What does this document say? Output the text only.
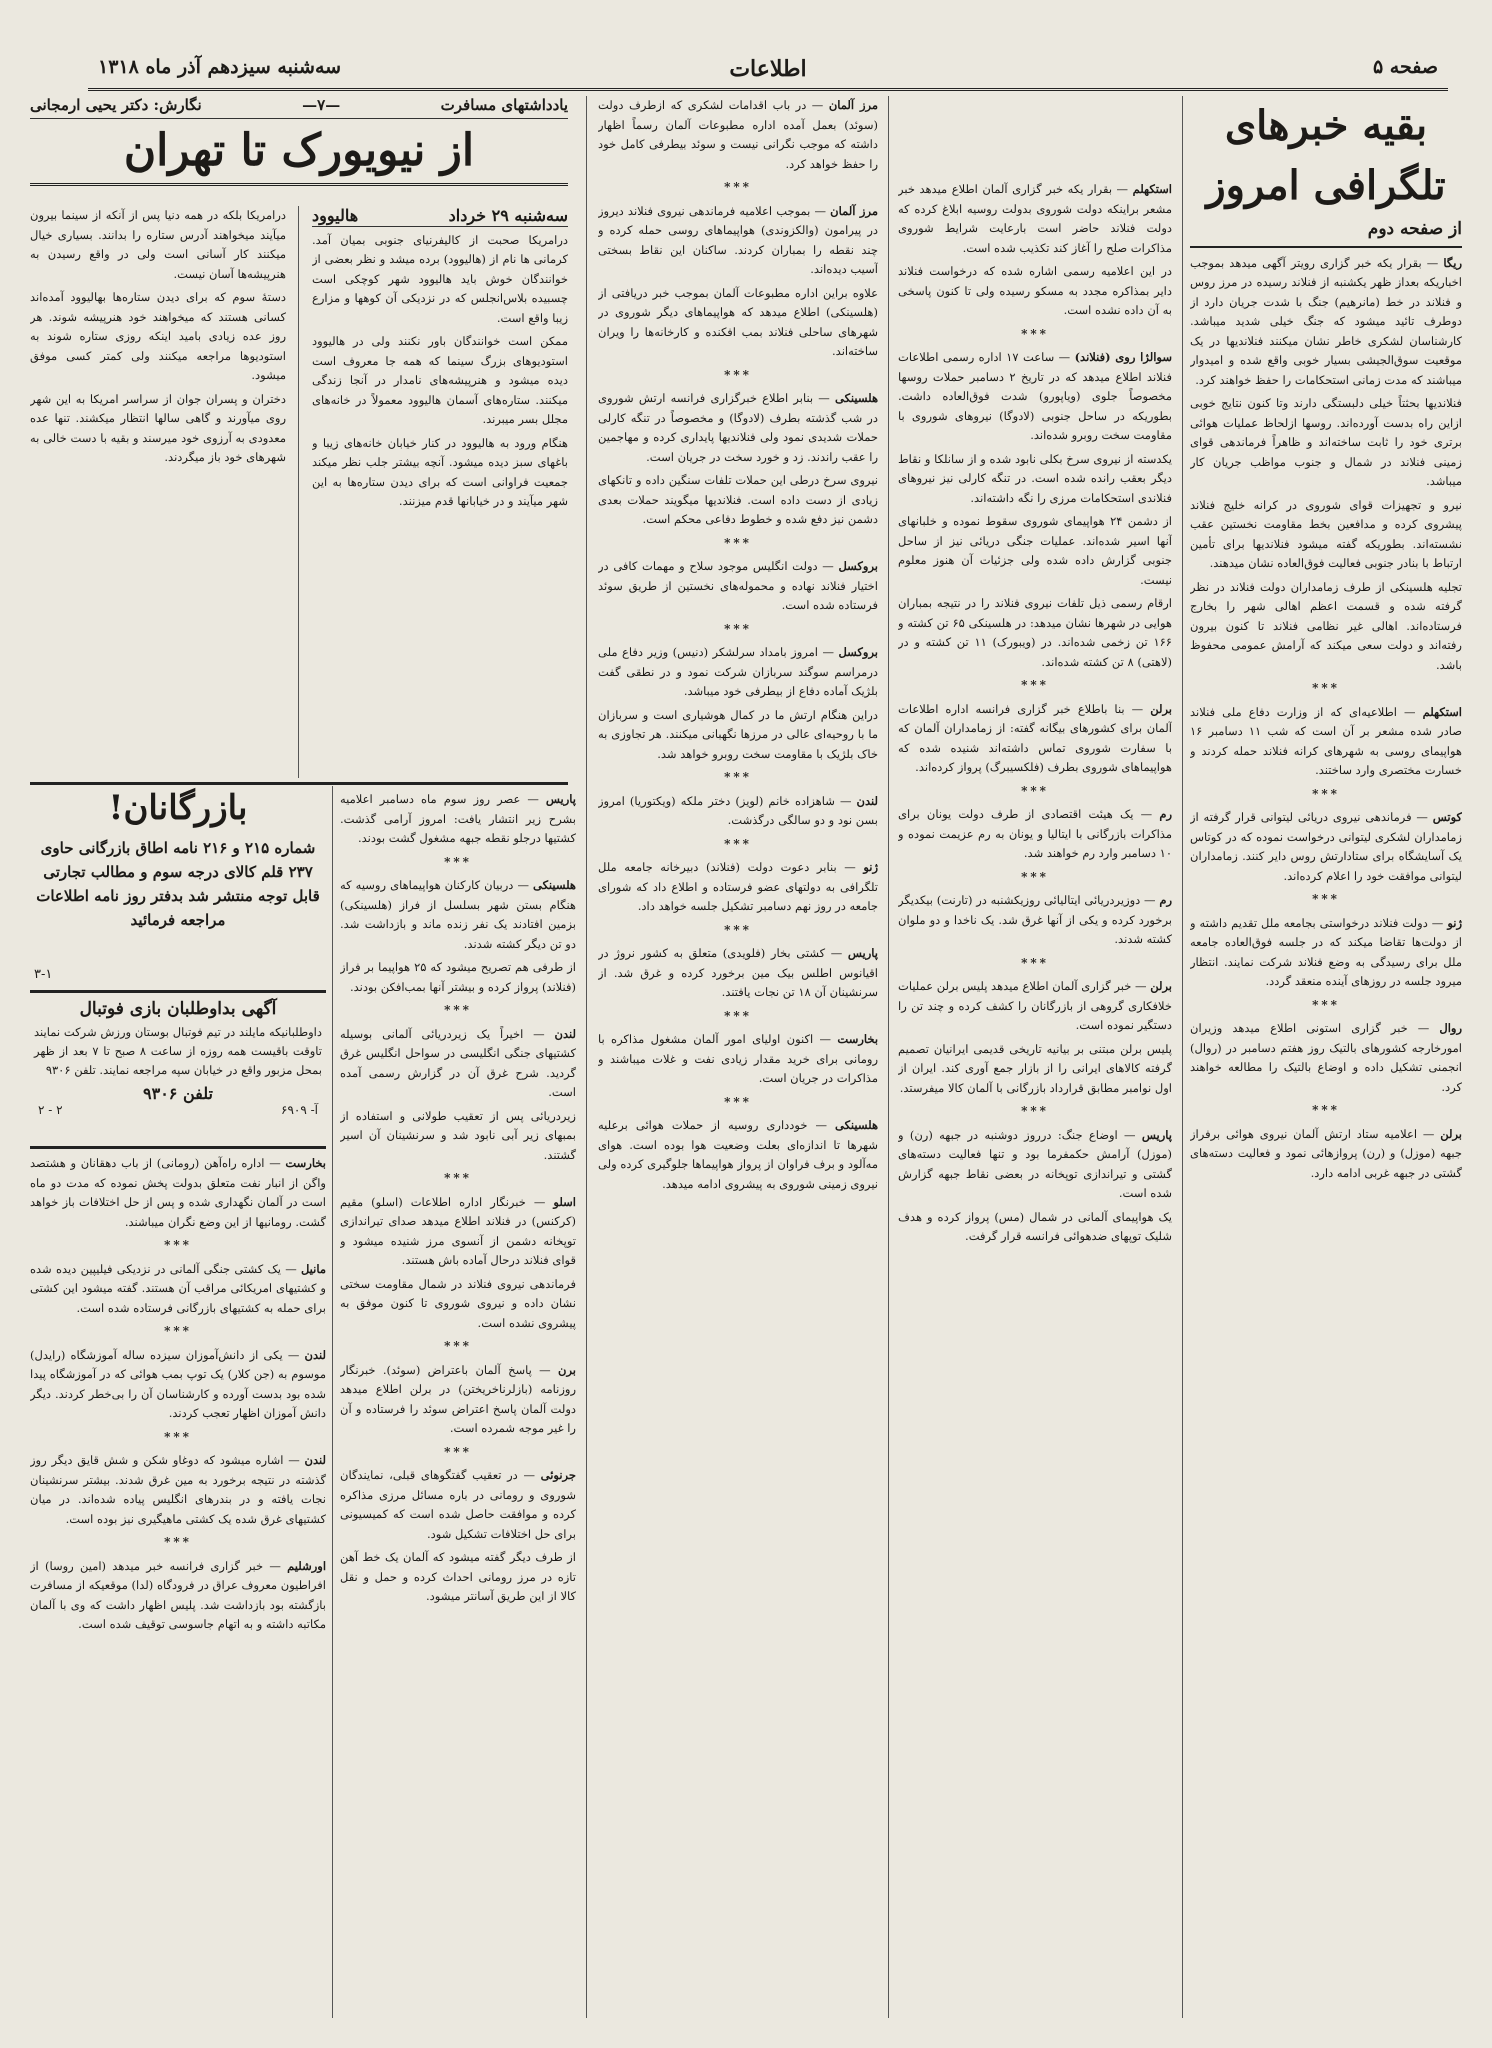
صفحه ۵
اطلاعات
سه‌شنبه سیزدهم آذر ماه ۱۳۱۸
بقیه خبرهای تلگرافی امروز
از صفحه دوم

ریگا — بقرار یکه خبر گزاری رویتر آگهی میدهد بموجب اخباریکه بعداز ظهر یکشنبه از فنلاند رسیده در مرز روس و فنلاند در خط (مانرهیم) جنگ با شدت جریان دارد از دوطرف تائید میشود که جنگ خیلی شدید میباشد. کارشناسان لشکری خاطر نشان میکنند فنلاندیها در یک موقعیت سوق‌الجیشی بسیار خوبی واقع شده و امیدوار میباشند که مدت زمانی استحکامات را حفظ خواهند کرد.

فنلاندیها بحثتاً خیلی دلبستگی دارند وتا کنون نتایج خوبی ازاین راه بدست آورده‌اند. روسها ازلحاظ عملیات هوائی برتری خود را ثابت ساخته‌اند و ظاهراً فرماندهی قوای زمینی فنلاند در شمال و جنوب مواظب جریان کار میباشد.

نیرو و تجهیزات قوای شوروی در کرانه خلیج فنلاند پیشروی کرده و مدافعین بخط مقاومت نخستین عقب نشسته‌اند. بطوریکه گفته میشود فنلاندیها برای تأمین ارتباط با بنادر جنوبی فعالیت فوق‌العاده نشان میدهند.

تجلیه هلسینکی از طرف زمامداران دولت فنلاند در نظر گرفته شده و قسمت اعظم اهالی شهر را بخارج فرستاده‌اند. اهالی غیر نظامی فنلاند تا کنون بیرون رفته‌اند و دولت سعی میکند که آرامش عمومی محفوظ باشد.

***

استکهلم — اطلاعیه‌ای که از وزارت دفاع ملی فنلاند صادر شده مشعر بر آن است که شب ۱۱ دسامبر ۱۶ هواپیمای روسی به شهرهای کرانه فنلاند حمله کردند و خسارت مختصری وارد ساختند.

***

کوتس — فرماندهی نیروی دریائی لیتوانی قرار گرفته از زمامداران لشکری لیتوانی درخواست نموده که در کوتاس یک آسایشگاه برای ستادارتش روس دایر کنند. زمامداران لیتوانی موافقت خود را اعلام کرده‌اند.

***

ژنو — دولت فنلاند درخواستی بجامعه ملل تقدیم داشته و از دولت‌ها تقاضا میکند که در جلسه فوق‌العاده جامعه ملل برای رسیدگی به وضع فنلاند شرکت نمایند. انتظار میرود جلسه در روزهای آینده منعقد گردد.

***

روال — خبر گزاری استونی اطلاع میدهد وزیران امورخارجه کشورهای بالتیک روز هفتم دسامبر در (روال) انجمنی تشکیل داده و اوضاع بالتیک را مطالعه خواهند کرد.

***

برلن — اعلامیه ستاد ارتش آلمان نیروی هوائی برفراز جبهه (موزل) و (رن) پروازهائی نمود و فعالیت دسته‌های گشتی در جبهه غربی ادامه دارد.

استکهلم — بقرار یکه خبر گزاری آلمان اطلاع میدهد خبر مشعر براینکه دولت شوروی بدولت روسیه ابلاغ کرده که دولت فنلاند حاضر است بارعایت شرایط شوروی مذاکرات صلح را آغاز کند تکذیب شده است.

در این اعلامیه رسمی اشاره شده که درخواست فنلاند دایر بمذاکره مجدد به مسکو رسیده ولی تا کنون پاسخی به آن داده نشده است.

***

سوالژا روی (فنلاند) — ساعت ۱۷ اداره رسمی اطلاعات فنلاند اطلاع میدهد که در تاریخ ۲ دسامبر حملات روسها مخصوصاً جلوی (ویاپورو) شدت فوق‌العاده داشت. بطوریکه در ساحل جنوبی (لادوگا) نیروهای شوروی با مقاومت سخت روبرو شده‌اند.

یکدسته از نیروی سرخ بکلی نابود شده و از سانلکا و نقاط دیگر بعقب رانده شده است. در تنگه کارلی نیز نیروهای فنلاندی استحکامات مرزی را نگه داشته‌اند.

از دشمن ۲۴ هواپیمای شوروی سقوط نموده و خلبانهای آنها اسیر شده‌اند. عملیات جنگی دریائی نیز از ساحل جنوبی گزارش داده شده ولی جزئیات آن هنوز معلوم نیست.

ارقام رسمی ذیل تلفات نیروی فنلاند را در نتیجه بمباران هوایی در شهرها نشان میدهد: در هلسینکی ۶۵ تن کشته و ۱۶۶ تن زخمی شده‌اند. در (ویبورک) ۱۱ تن کشته و در (لاهتی) ۸ تن کشته شده‌اند.

***

برلن — بنا باطلاع خبر گزاری فرانسه اداره اطلاعات آلمان برای کشورهای بیگانه گفته: از زمامداران آلمان که با سفارت شوروی تماس داشته‌اند شنیده شده که هواپیماهای شوروی بطرف (فلکسیبرگ) پرواز کرده‌اند.

***

رم — یک هیئت اقتصادی از طرف دولت یونان برای مذاکرات بازرگانی با ایتالیا و یونان به رم عزیمت نموده و ۱۰ دسامبر وارد رم خواهند شد.

***

رم — دوزیردریائی ایتالیائی روزیکشنبه در (تارنت) بیکدیگر برخورد کرده و یکی از آنها غرق شد. یک ناخدا و دو ملوان کشته شدند.

***

برلن — خبر گزاری آلمان اطلاع میدهد پلیس برلن عملیات خلافکاری گروهی از بازرگانان را کشف کرده و چند تن را دستگیر نموده است.

پلیس برلن مبتنی بر بیانیه تاریخی قدیمی ایرانیان تصمیم گرفته کالاهای ایرانی را از بازار جمع آوری کند. ایران از اول نوامبر مطابق قرارداد بازرگانی با آلمان کالا میفرستد.

***

پاریس — اوضاع جنگ: درروز دوشنبه در جبهه (رن) و (موزل) آرامش حکمفرما بود و تنها فعالیت دسته‌های گشتی و تیراندازی توپخانه در بعضی نقاط جبهه گزارش شده است.

یک هواپیمای آلمانی در شمال (مس) پرواز کرده و هدف شلیک توپهای ضدهوائی فرانسه قرار گرفت.

مرز آلمان — در باب اقدامات لشکری که ازطرف دولت (سوئد) بعمل آمده اداره مطبوعات آلمان رسماً اظهار داشته که موجب نگرانی نیست و سوئد بیطرفی کامل خود را حفظ خواهد کرد.

***

مرز آلمان — بموجب اعلامیه فرماندهی نیروی فنلاند دیروز در پیرامون (والکزوندی) هواپیماهای روسی حمله کرده و چند نقطه را بمباران کردند. ساکنان این نقاط بسختی آسیب دیده‌اند.

علاوه براین اداره مطبوعات آلمان بموجب خبر دریافتی از (هلسینکی) اطلاع میدهد که هواپیماهای دیگر شوروی در شهرهای ساحلی فنلاند بمب افکنده و کارخانه‌ها را ویران ساخته‌اند.

***

هلسینکی — بنابر اطلاع خبرگزاری فرانسه ارتش شوروی در شب گذشته بطرف (لادوگا) و مخصوصاً در تنگه کارلی حملات شدیدی نمود ولی فنلاندیها پایداری کرده و مهاجمین را عقب راندند. زد و خورد سخت در جریان است.

نیروی سرخ درطی این حملات تلفات سنگین داده و تانکهای زیادی از دست داده است. فنلاندیها میگویند حملات بعدی دشمن نیز دفع شده و خطوط دفاعی محکم است.

***

بروکسل — دولت انگلیس موجود سلاح و مهمات کافی در اختیار فنلاند نهاده و محموله‌های نخستین از طریق سوئد فرستاده شده است.

***

بروکسل — امروز بامداد سرلشکر (دنیس) وزیر دفاع ملی درمراسم سوگند سربازان شرکت نمود و در نطقی گفت بلژیک آماده دفاع از بیطرفی خود میباشد.

دراین هنگام ارتش ما در کمال هوشیاری است و سربازان ما با روحیه‌ای عالی در مرزها نگهبانی میکنند. هر تجاوزی به خاک بلژیک با مقاومت سخت روبرو خواهد شد.

***

لندن — شاهزاده خانم (لویز) دختر ملکه (ویکتوریا) امروز بسن نود و دو سالگی درگذشت.

***

ژنو — بنابر دعوت دولت (فنلاند) دبیرخانه جامعه ملل تلگرافی به دولتهای عضو فرستاده و اطلاع داد که شورای جامعه در روز نهم دسامبر تشکیل جلسه خواهد داد.

***

پاریس — کشتی بخار (فلویدی) متعلق به کشور نروژ در اقیانوس اطلس بیک مین برخورد کرده و غرق شد. از سرنشینان آن ۱۸ تن نجات یافتند.

***

بخارست — اکنون اولیای امور آلمان مشغول مذاکره با رومانی برای خرید مقدار زیادی نفت و غلات میباشند و مذاکرات در جریان است.

***

هلسینکی — خودداری روسیه از حملات هوائی برعلیه شهرها تا اندازه‌ای بعلت وضعیت هوا بوده است. هوای مه‌آلود و برف فراوان از پرواز هواپیماها جلوگیری کرده ولی نیروی زمینی شوروی به پیشروی ادامه میدهد.

یادداشتهای مسافرت
—۷—
نگارش: دکتر یحیی ارمجانی
از نیویورک تا تهران
سه‌شنبه ۲۹ خرداد
هالیوود

درامریکا صحبت از کالیفرنیای جنوبی بمیان آمد. کرمانی ها نام از (هالیوود) برده میشد و نظر بعضی از خوانندگان خوش باید هالیوود شهر کوچکی است چسبیده بلاس‌انجلس که در نزدیکی آن کوهها و مزارع زیبا واقع است.

ممکن است خوانندگان باور نکنند ولی در هالیوود استودیوهای بزرگ سینما که همه جا معروف است دیده میشود و هنرپیشه‌های نامدار در آنجا زندگی میکنند. ستاره‌های آسمان هالیوود معمولاً در خانه‌های مجلل بسر میبرند.

هنگام ورود به هالیوود در کنار خیابان خانه‌های زیبا و باغهای سبز دیده میشود. آنچه بیشتر جلب نظر میکند جمعیت فراوانی است که برای دیدن ستاره‌ها به این شهر میآیند و در خیابانها قدم میزنند.

درامریکا بلکه در همه دنیا پس از آنکه از سینما بیرون میآیند میخواهند آدرس ستاره را بدانند. بسیاری خیال میکنند کار آسانی است ولی در واقع رسیدن به هنرپیشه‌ها آسان نیست.

دستهٔ سوم که برای دیدن ستاره‌ها بهالیوود آمده‌اند کسانی هستند که میخواهند خود هنرپیشه شوند. هر روز عده زیادی بامید اینکه روزی ستاره شوند به استودیوها مراجعه میکنند ولی کمتر کسی موفق میشود.

دختران و پسران جوان از سراسر امریکا به این شهر روی میآورند و گاهی سالها انتظار میکشند. تنها عده معدودی به آرزوی خود میرسند و بقیه با دست خالی به شهرهای خود باز میگردند.

پاریس — عصر روز سوم ماه دسامبر اعلامیه بشرح زیر انتشار یافت: امروز آرامی گذشت. کشتیها درجلو نقطه جبهه مشغول گشت بودند.

***

هلسینکی — دربیان کارکنان هواپیماهای روسیه که هنگام بستن شهر بسلسل از فراز (هلسینکی) بزمین افتادند یک نفر زنده ماند و بازداشت شد. دو تن دیگر کشته شدند.

از طرفی هم تصریح میشود که ۲۵ هواپیما بر فراز (فنلاند) پرواز کرده و بیشتر آنها بمب‌افکن بودند.

***

لندن — اخیراً یک زیردریائی آلمانی بوسیله کشتیهای جنگی انگلیسی در سواحل انگلیس غرق گردید. شرح غرق آن در گزارش رسمی آمده است.

زیردریائی پس از تعقیب طولانی و استفاده از بمبهای زیر آبی نابود شد و سرنشینان آن اسیر گشتند.

***

اسلو — خبرنگار اداره اطلاعات (اسلو) مقیم (کرکنس) در فنلاند اطلاع میدهد صدای تیراندازی توپخانه دشمن از آنسوی مرز شنیده میشود و قوای فنلاند درحال آماده باش هستند.

فرماندهی نیروی فنلاند در شمال مقاومت سختی نشان داده و نیروی شوروی تا کنون موفق به پیشروی نشده است.

***

برن — پاسخ آلمان باعتراض (سوئد). خبرنگار روزنامه (بازلرناخریختن) در برلن اطلاع میدهد دولت آلمان پاسخ اعتراض سوئد را فرستاده و آن را غیر موجه شمرده است.

***

جرنوئی — در تعقیب گفتگوهای قبلی، نمایندگان شوروی و رومانی در باره مسائل مرزی مذاکره کرده و موافقت حاصل شده است که کمیسیونی برای حل اختلافات تشکیل شود.

از طرف دیگر گفته میشود که آلمان یک خط آهن تازه در مرز رومانی احداث کرده و حمل و نقل کالا از این طریق آسانتر میشود.

بازرگانان!

شماره ۲۱۵ و ۲۱۶ نامه اطاق بازرگانی حاوی ۲۳۷ قلم کالای درجه سوم و مطالب تجارتی قابل توجه منتشر شد بدفتر روز نامه اطلاعات مراجعه فرمائید

۳-۱
آگهی بداوطلبان بازی فوتبال

داوطلبانیکه مایلند در تیم فوتبال بوستان ورزش شرکت نمایند تاوقت باقیست همه روزه از ساعت ۸ صبح تا ۷ بعد از ظهر بمحل مزبور واقع در خیابان سپه مراجعه نمایند. تلفن ۹۳۰۶

تلفن ۹۳۰۶
آ- ۶۹۰۹
۲ - ۲

بخارست — اداره راه‌آهن (رومانی) از باب دهقانان و هشتصد واگن از انبار نفت متعلق بدولت پخش نموده که مدت دو ماه است در آلمان نگهداری شده و پس از حل اختلافات باز خواهد گشت. رومانیها از این وضع نگران میباشند.

***

مانیل — یک کشتی جنگی آلمانی در نزدیکی فیلیپین دیده شده و کشتیهای امریکائی مراقب آن هستند. گفته میشود این کشتی برای حمله به کشتیهای بازرگانی فرستاده شده است.

***

لندن — یکی از دانش‌آموزان سیزده ساله آموزشگاه (رایدل) موسوم به (جن کلار) یک توپ بمب هوائی که در آموزشگاه پیدا شده بود بدست آورده و کارشناسان آن را بی‌خطر کردند. دیگر دانش آموزان اظهار تعجب کردند.

***

لندن — اشاره میشود که دوغاو شکن و شش قایق دیگر روز گذشته در نتیجه برخورد به مین غرق شدند. بیشتر سرنشینان نجات یافته و در بندرهای انگلیس پیاده شده‌اند. در میان کشتیهای غرق شده یک کشتی ماهیگیری نیز بوده است.

***

اورشلیم — خبر گزاری فرانسه خبر میدهد (امین روسا) از افراطیون معروف عراق در فرودگاه (لدا) موقعیکه از مسافرت بازگشته بود بازداشت شد. پلیس اظهار داشت که وی با آلمان مکاتبه داشته و به اتهام جاسوسی توقیف شده است.
